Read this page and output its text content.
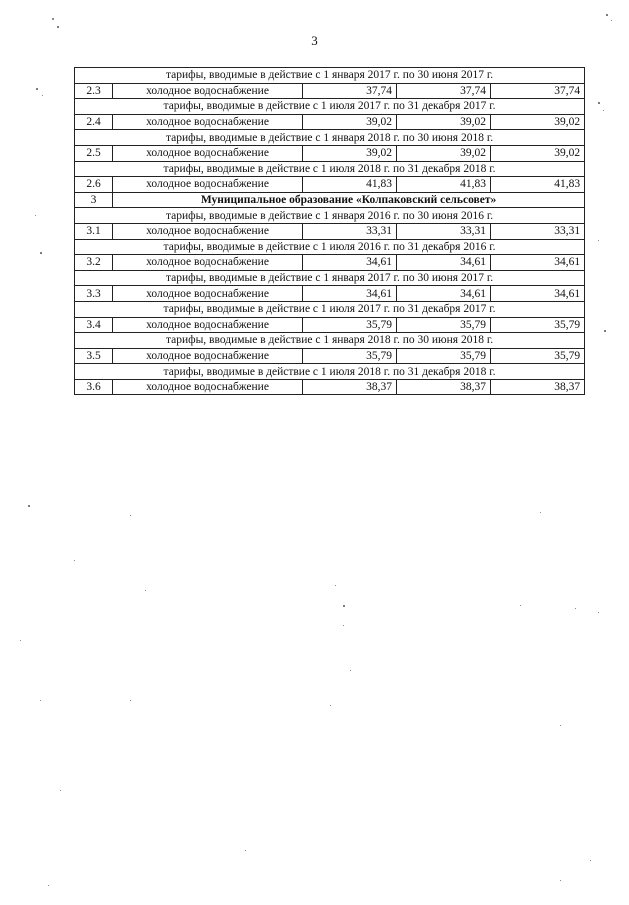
3
тарифы, вводимые в действие с 1 января 2017 г. по 30 июня 2017 г.				
2.3	холодное водоснабжение	37,74	37,74	37,74
тарифы, вводимые в действие с 1 июля 2017 г. по 31 декабря 2017 г.				
2.4	холодное водоснабжение	39,02	39,02	39,02
тарифы, вводимые в действие с 1 января 2018 г. по 30 июня 2018 г.				
2.5	холодное водоснабжение	39,02	39,02	39,02
тарифы, вводимые в действие с 1 июля 2018 г. по 31 декабря 2018 г.				
2.6	холодное водоснабжение	41,83	41,83	41,83
3	Муниципальное образование «Колпаковский сельсовет»			
тарифы, вводимые в действие с 1 января 2016 г. по 30 июня 2016 г.				
3.1	холодное водоснабжение	33,31	33,31	33,31
тарифы, вводимые в действие с 1 июля 2016 г. по 31 декабря 2016 г.				
3.2	холодное водоснабжение	34,61	34,61	34,61
тарифы, вводимые в действие с 1 января 2017 г. по 30 июня 2017 г.				
3.3	холодное водоснабжение	34,61	34,61	34,61
тарифы, вводимые в действие с 1 июля 2017 г. по 31 декабря 2017 г.				
3.4	холодное водоснабжение	35,79	35,79	35,79
тарифы, вводимые в действие с 1 января 2018 г. по 30 июня 2018 г.				
3.5	холодное водоснабжение	35,79	35,79	35,79
тарифы, вводимые в действие с 1 июля 2018 г. по 31 декабря 2018 г.				
3.6	холодное водоснабжение	38,37	38,37	38,37
